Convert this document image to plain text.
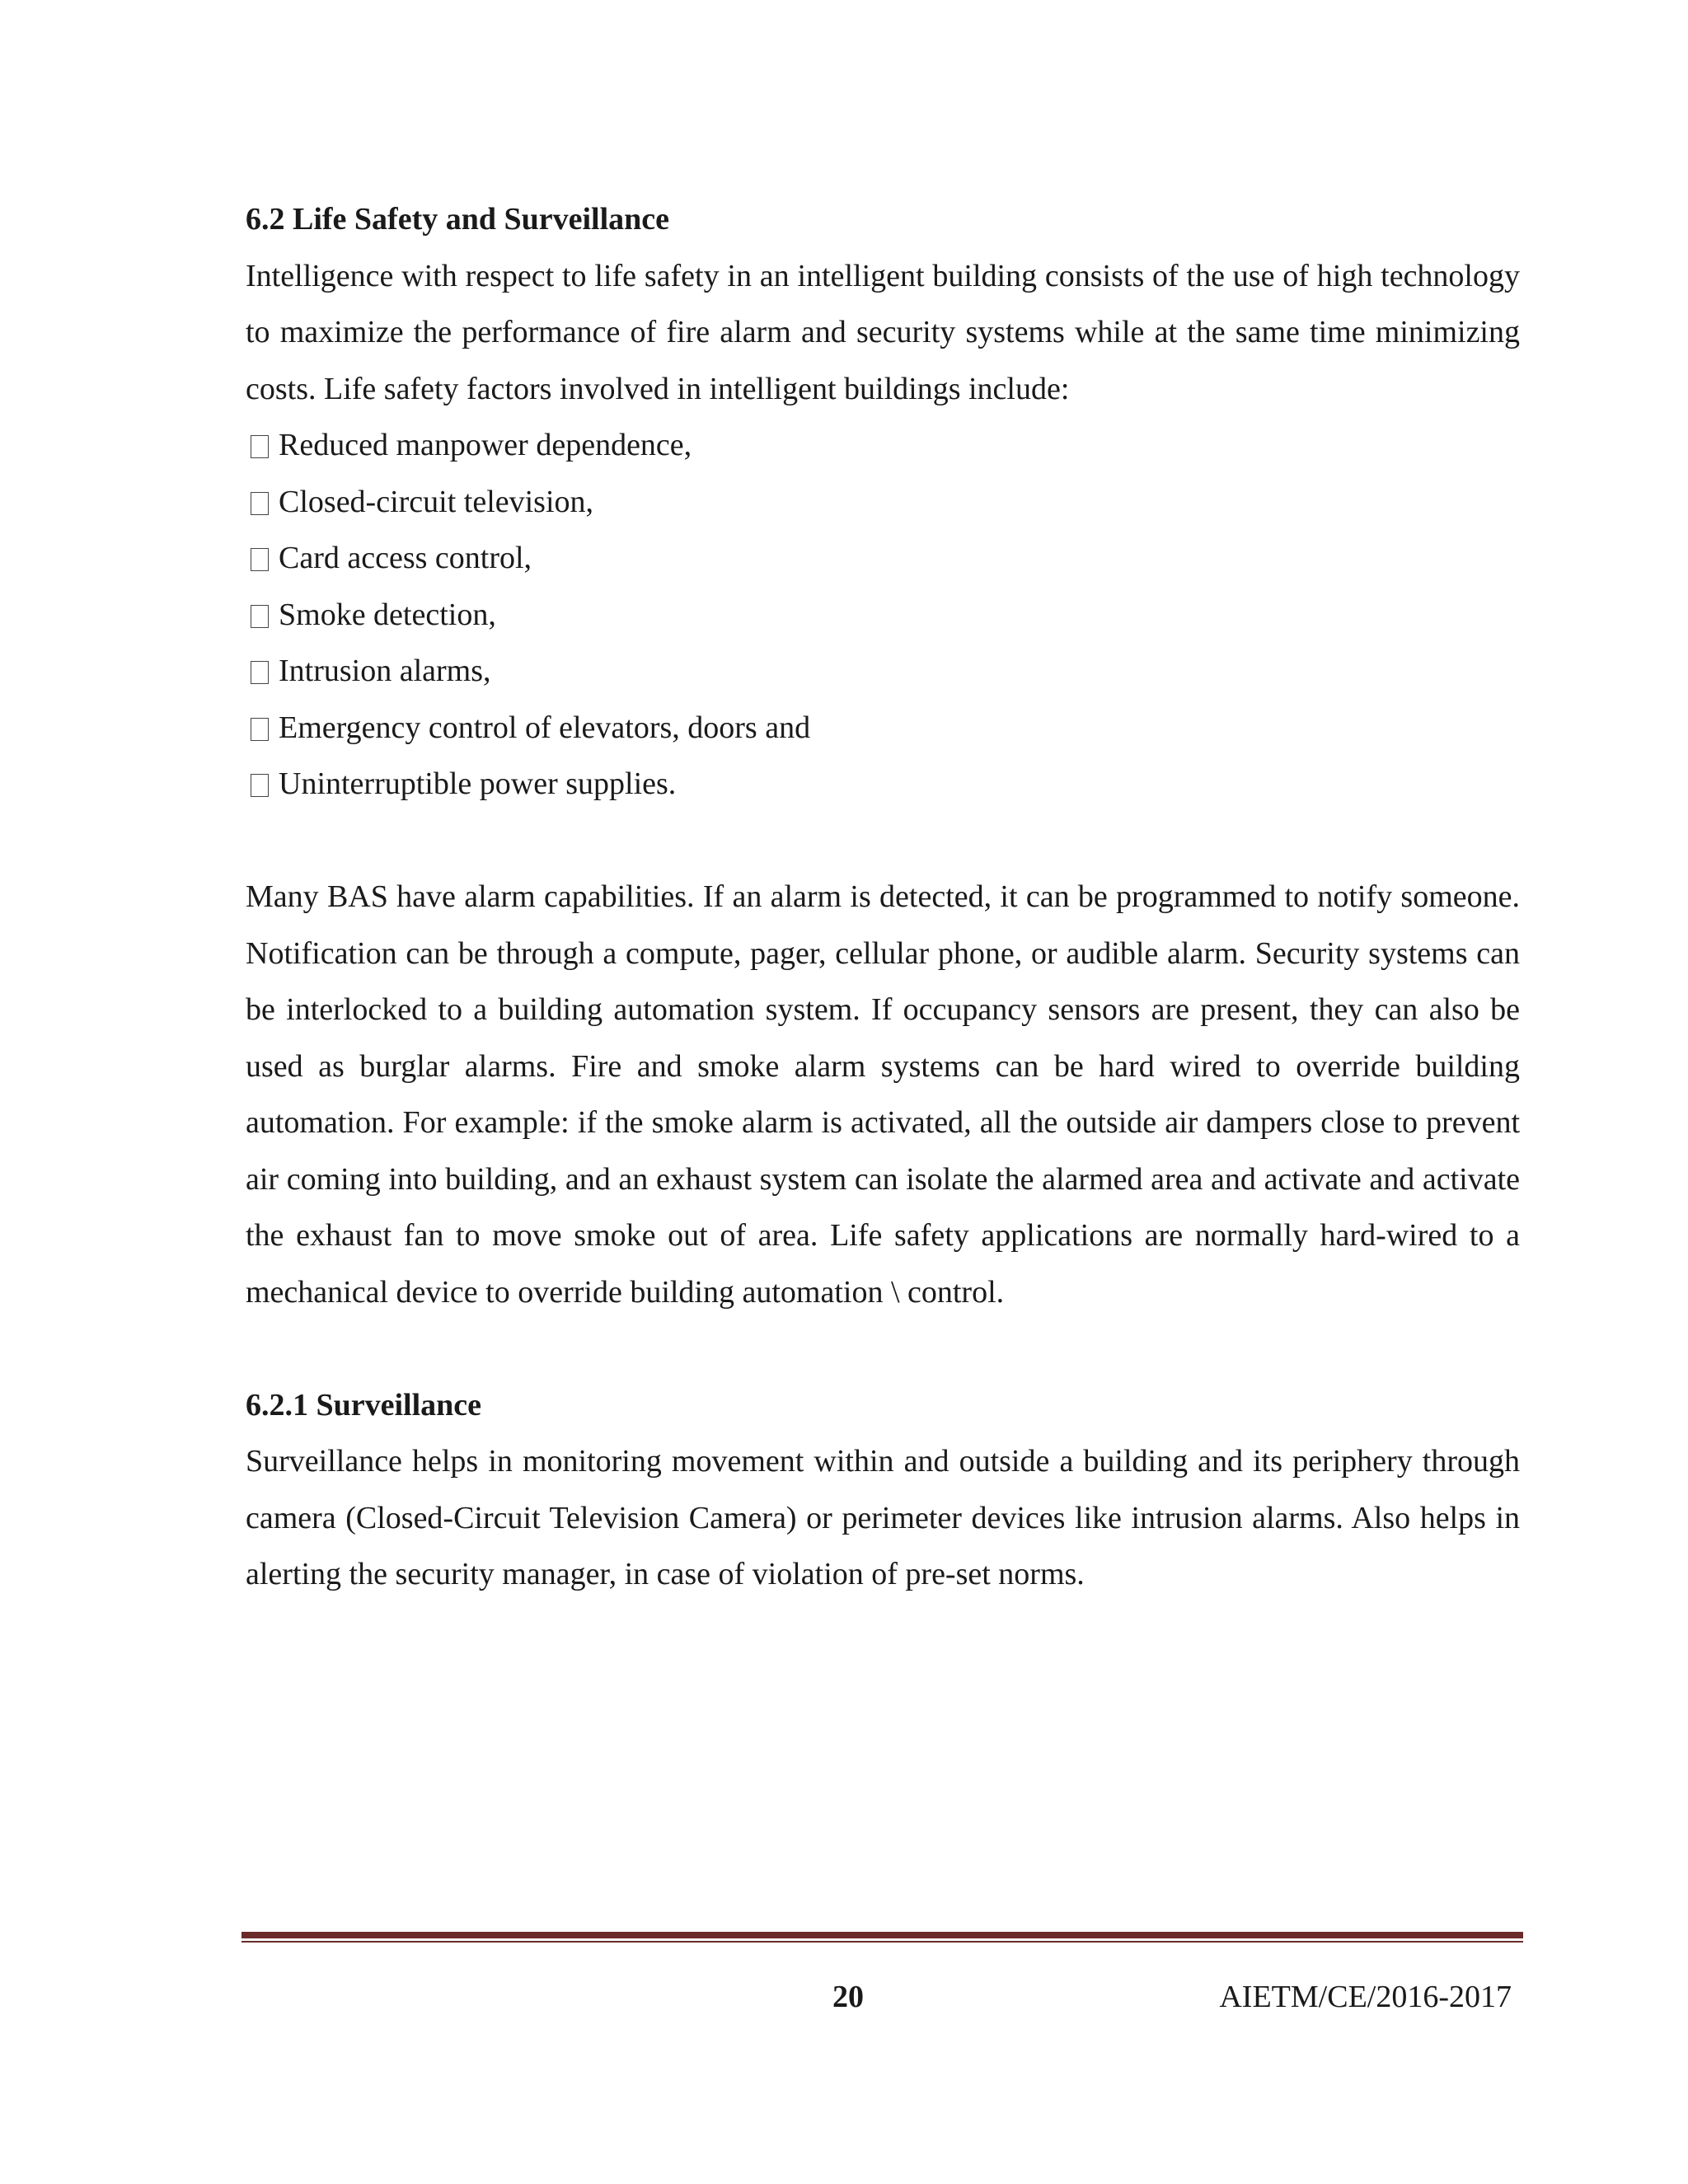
6.2 Life Safety and Surveillance

Intelligence with respect to life safety in an intelligent building consists of the use of high technology to maximize the performance of fire alarm and security systems while at the same time minimizing costs. Life safety factors involved in intelligent buildings include:

Reduced manpower dependence,
Closed-circuit television,
Card access control,
Smoke detection,
Intrusion alarms,
Emergency control of elevators, doors and
Uninterruptible power supplies.

Many BAS have alarm capabilities. If an alarm is detected, it can be programmed to notify someone. Notification can be through a compute, pager, cellular phone, or audible alarm. Security systems can be interlocked to a building automation system. If occupancy sensors are present, they can also be used as burglar alarms. Fire and smoke alarm systems can be hard wired to override building automation. For example: if the smoke alarm is activated, all the outside air dampers close to prevent air coming into building, and an exhaust system can isolate the alarmed area and activate and activate the exhaust fan to move smoke out of area. Life safety applications are normally hard-wired to a mechanical device to override building automation \ control.

6.2.1 Surveillance

Surveillance helps in monitoring movement within and outside a building and its periphery through camera (Closed-Circuit Television Camera) or perimeter devices like intrusion alarms. Also helps in alerting the security manager, in case of violation of pre-set norms.

20	AIETM/CE/2016-2017
